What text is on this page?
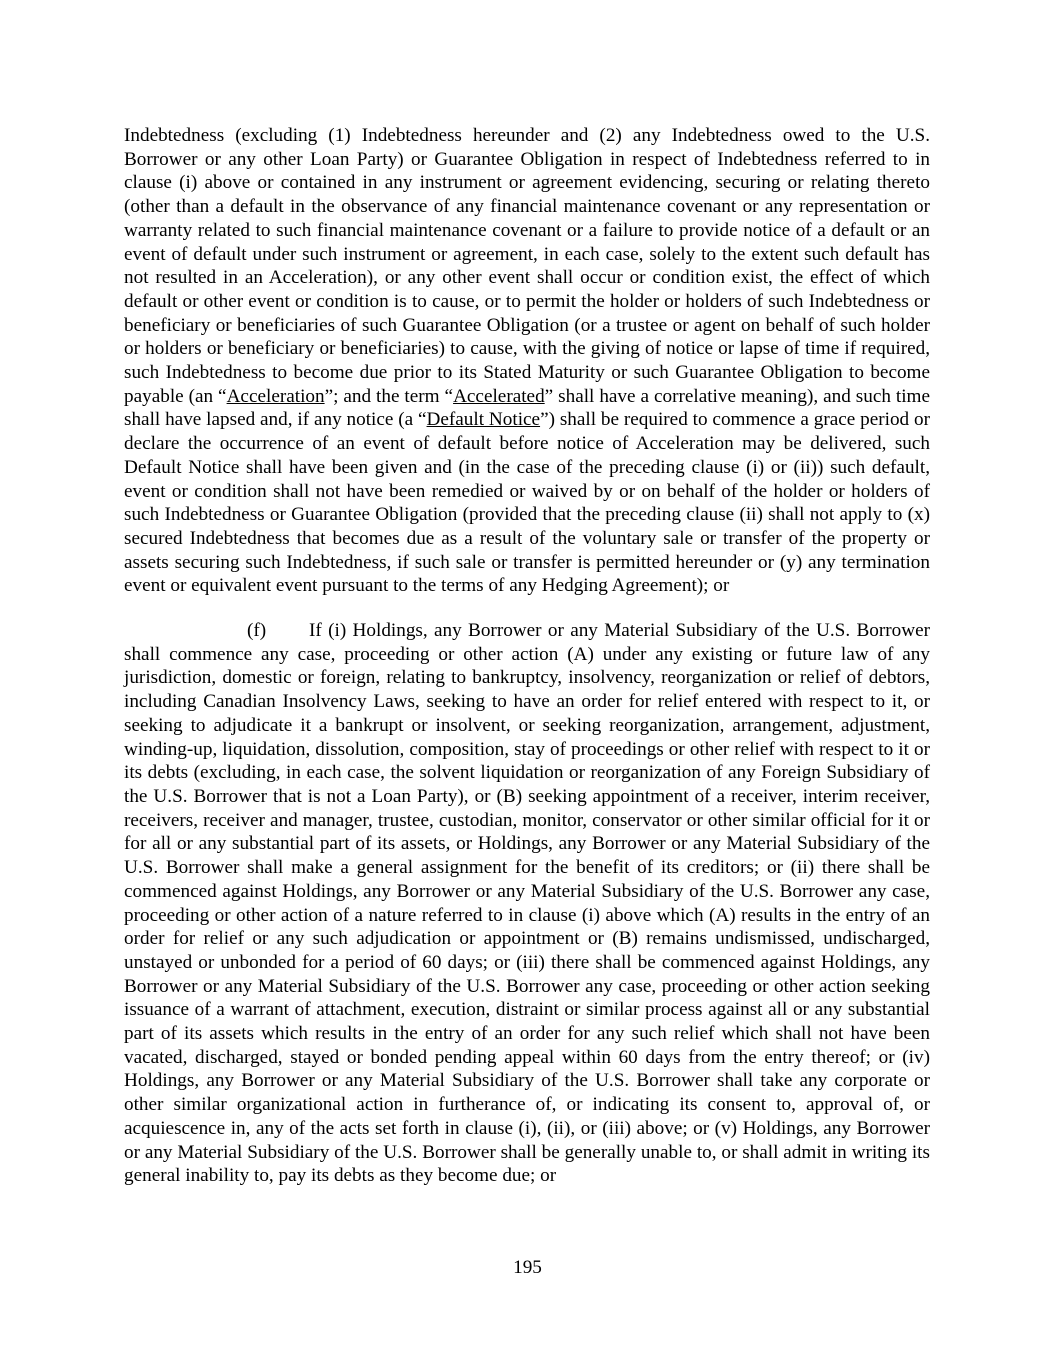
Indebtedness (excluding (1) Indebtedness hereunder and (2) any Indebtedness owed to the U.S. Borrower or any other Loan Party) or Guarantee Obligation in respect of Indebtedness referred to in clause (i) above or contained in any instrument or agreement evidencing, securing or relating thereto (other than a default in the observance of any financial maintenance covenant or any representation or warranty related to such financial maintenance covenant or a failure to provide notice of a default or an event of default under such instrument or agreement, in each case, solely to the extent such default has not resulted in an Acceleration), or any other event shall occur or condition exist, the effect of which default or other event or condition is to cause, or to permit the holder or holders of such Indebtedness or beneficiary or beneficiaries of such Guarantee Obligation (or a trustee or agent on behalf of such holder or holders or beneficiary or beneficiaries) to cause, with the giving of notice or lapse of time if required, such Indebtedness to become due prior to its Stated Maturity or such Guarantee Obligation to become payable (an “Acceleration”; and the term “Accelerated” shall have a correlative meaning), and such time shall have lapsed and, if any notice (a “Default Notice”) shall be required to commence a grace period or declare the occurrence of an event of default before notice of Acceleration may be delivered, such Default Notice shall have been given and (in the case of the preceding clause (i) or (ii)) such default, event or condition shall not have been remedied or waived by or on behalf of the holder or holders of such Indebtedness or Guarantee Obligation (provided that the preceding clause (ii) shall not apply to (x) secured Indebtedness that becomes due as a result of the voluntary sale or transfer of the property or assets securing such Indebtedness, if such sale or transfer is permitted hereunder or (y) any termination event or equivalent event pursuant to the terms of any Hedging Agreement); or

(f) If (i) Holdings, any Borrower or any Material Subsidiary of the U.S. Borrower shall commence any case, proceeding or other action (A) under any existing or future law of any jurisdiction, domestic or foreign, relating to bankruptcy, insolvency, reorganization or relief of debtors, including Canadian Insolvency Laws, seeking to have an order for relief entered with respect to it, or seeking to adjudicate it a bankrupt or insolvent, or seeking reorganization, arrangement, adjustment, winding-up, liquidation, dissolution, composition, stay of proceedings or other relief with respect to it or its debts (excluding, in each case, the solvent liquidation or reorganization of any Foreign Subsidiary of the U.S. Borrower that is not a Loan Party), or (B) seeking appointment of a receiver, interim receiver, receivers, receiver and manager, trustee, custodian, monitor, conservator or other similar official for it or for all or any substantial part of its assets, or Holdings, any Borrower or any Material Subsidiary of the U.S. Borrower shall make a general assignment for the benefit of its creditors; or (ii) there shall be commenced against Holdings, any Borrower or any Material Subsidiary of the U.S. Borrower any case, proceeding or other action of a nature referred to in clause (i) above which (A) results in the entry of an order for relief or any such adjudication or appointment or (B) remains undismissed, undischarged, unstayed or unbonded for a period of 60 days; or (iii) there shall be commenced against Holdings, any Borrower or any Material Subsidiary of the U.S. Borrower any case, proceeding or other action seeking issuance of a warrant of attachment, execution, distraint or similar process against all or any substantial part of its assets which results in the entry of an order for any such relief which shall not have been vacated, discharged, stayed or bonded pending appeal within 60 days from the entry thereof; or (iv) Holdings, any Borrower or any Material Subsidiary of the U.S. Borrower shall take any corporate or other similar organizational action in furtherance of, or indicating its consent to, approval of, or acquiescence in, any of the acts set forth in clause (i), (ii), or (iii) above; or (v) Holdings, any Borrower or any Material Subsidiary of the U.S. Borrower shall be generally unable to, or shall admit in writing its general inability to, pay its debts as they become due; or

195
